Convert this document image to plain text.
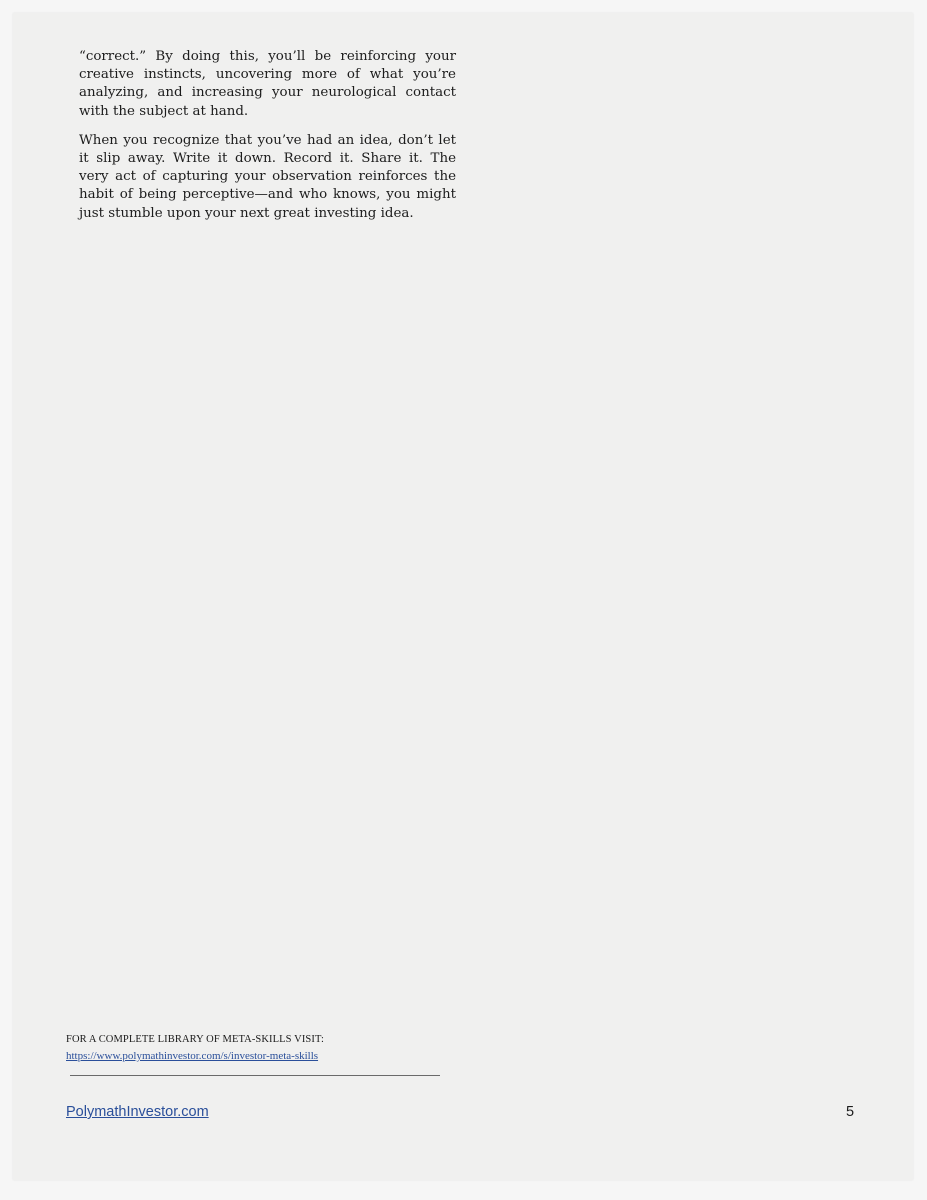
“correct.” By doing this, you’ll be reinforcing your creative instincts, uncovering more of what you’re analyzing, and increasing your neurological contact with the subject at hand.

When you recognize that you’ve had an idea, don’t let it slip away. Write it down. Record it. Share it. The very act of capturing your observation reinforces the habit of being perceptive—and who knows, you might just stumble upon your next great investing idea.

FOR A COMPLETE LIBRARY OF META-SKILLS VISIT:
https://www.polymathinvestor.com/s/investor-meta-skills
PolymathInvestor.com	5
